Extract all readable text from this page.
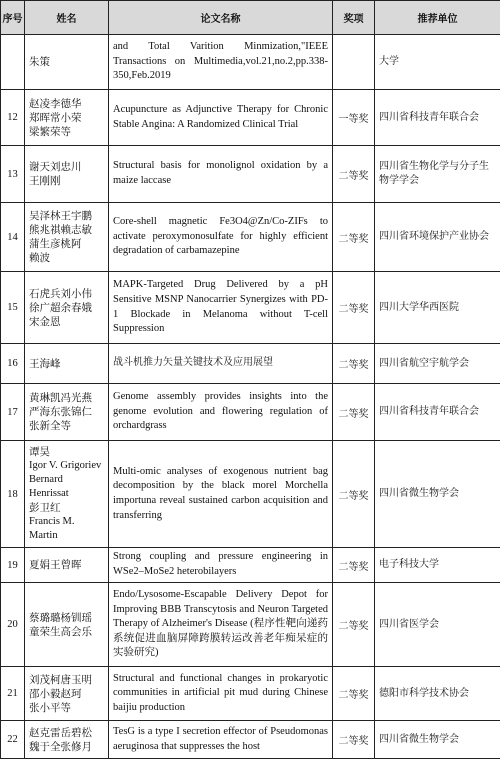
序号	姓名	论文名称	奖项	推荐单位

	朱策	and Total Varition Minmization,"IEEE Transactions on Multimedia,vol.21,no.2,pp.338-350,Feb.2019		大学
12	赵凌李德华
郑晖常小荣
梁繁荣等	Acupuncture as Adjunctive Therapy for Chronic Stable Angina: A Randomized Clinical Trial	一等奖	四川省科技青年联合会
13	谢天刘忠川
王刚刚	Structural basis for monolignol oxidation by a maize laccase	二等奖	四川省生物化学与分子生物学学会
14	吴泽林王宇鹏
熊兆祺赖志敏
蒲生彦桃阿
赖波	Core-shell magnetic Fe3O4@Zn/Co-ZIFs to activate peroxymonosulfate for highly efficient degradation of carbamazepine	二等奖	四川省环境保护产业协会
15	石虎兵刘小伟
徐广超余春娥
宋金恩	MAPK-Targeted Drug Delivered by a pH Sensitive MSNP Nanocarrier Synergizes with PD-1 Blockade in Melanoma without T-cell Suppression	二等奖	四川大学华西医院
16	王海峰	战斗机推力矢量关键技术及应用展望	二等奖	四川省航空宇航学会
17	黄琳凯冯光燕
严海东张锦仁
张新全等	Genome assembly provides insights into the genome evolution and flowering regulation of orchardgrass	二等奖	四川省科技青年联合会
18	谭昊
Igor V. Grigoriev
Bernard Henrissat
彭卫红
Francis M. Martin	Multi-omic analyses of exogenous nutrient bag decomposition by the black morel Morchella importuna reveal sustained carbon acquisition and transferring	二等奖	四川省微生物学会
19	夏娟王曾晖	Strong coupling and pressure engineering in WSe2–MoSe2 heterobilayers	二等奖	电子科技大学
20	蔡璐璐杨钏瑶
童荣生高会乐	Endo/Lysosome-Escapable Delivery Depot for Improving BBB Transcytosis and Neuron Targeted Therapy of Alzheimer's Disease (程序性靶向递药系统促进血脑屏障跨膜转运改善老年痴呆症的实验研究)	二等奖	四川省医学会
21	刘茂柯唐玉明
邵小毅赵珂
张小平等	Structural and functional changes in prokaryotic communities in artificial pit mud during Chinese baijiu production	二等奖	德阳市科学技术协会
22	赵克雷岳碧松
魏于全张修月	TesG is a type I secretion effector of Pseudomonas aeruginosa that suppresses the host	二等奖	四川省微生物学会
